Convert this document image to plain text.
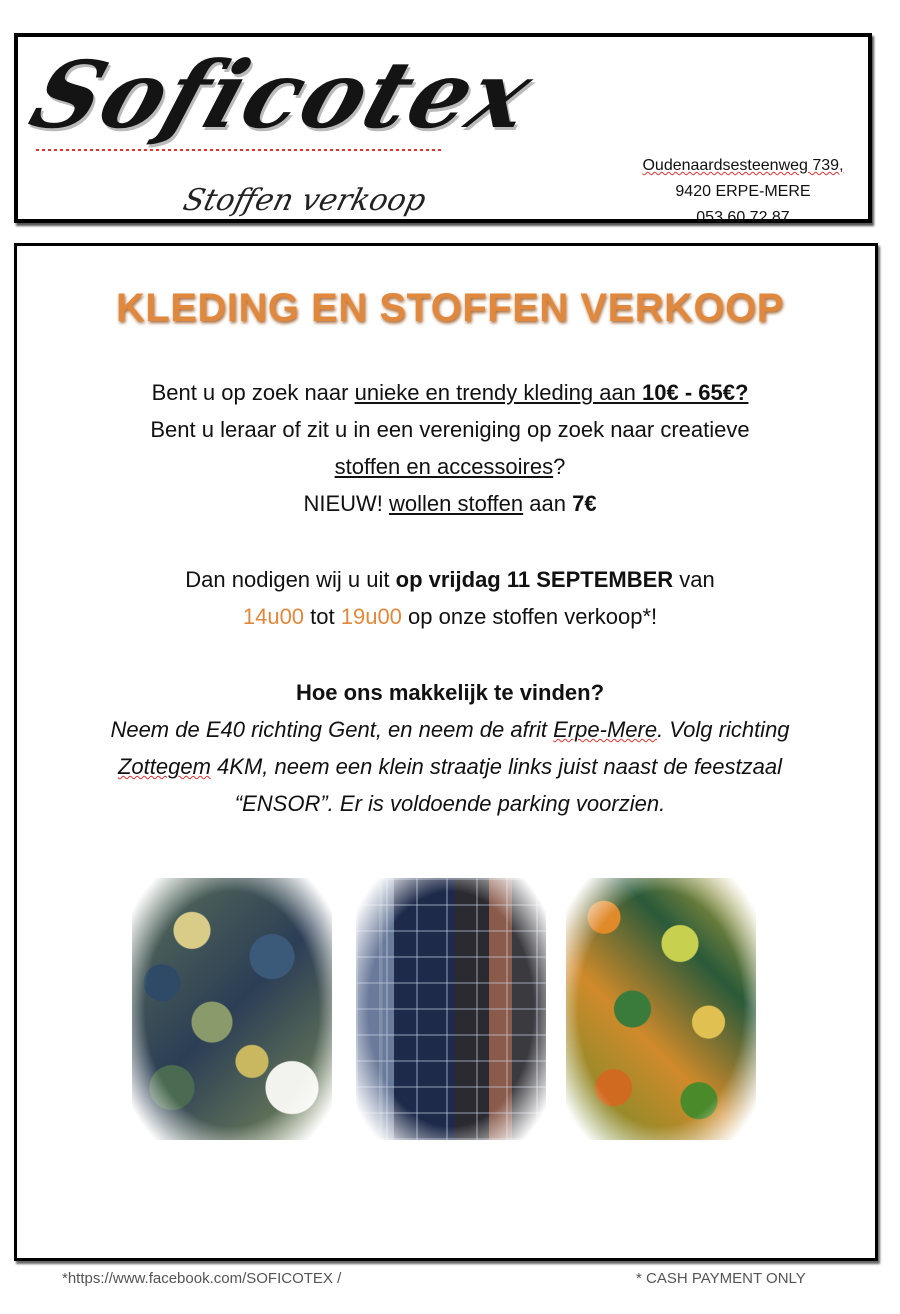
Soficotex
Stoffen verkoop
Oudenaardsesteenweg 739,
9420 ERPE-MERE
053 60 72 87
KLEDING EN STOFFEN VERKOOP
Bent u op zoek naar unieke en trendy kleding aan 10€ - 65€?
Bent u leraar of zit u in een vereniging op zoek naar creatieve
stoffen en accessoires?
NIEUW! wollen stoffen aan 7€
Dan nodigen wij u uit op vrijdag 11 SEPTEMBER van
14u00 tot 19u00 op onze stoffen verkoop*!
Hoe ons makkelijk te vinden?
Neem de E40 richting Gent, en neem de afrit Erpe-Mere. Volg richting
Zottegem 4KM, neem een klein straatje links juist naast de feestzaal
“ENSOR”. Er is voldoende parking voorzien.
*https://www.facebook.com/SOFICOTEX /	* CASH PAYMENT ONLY
